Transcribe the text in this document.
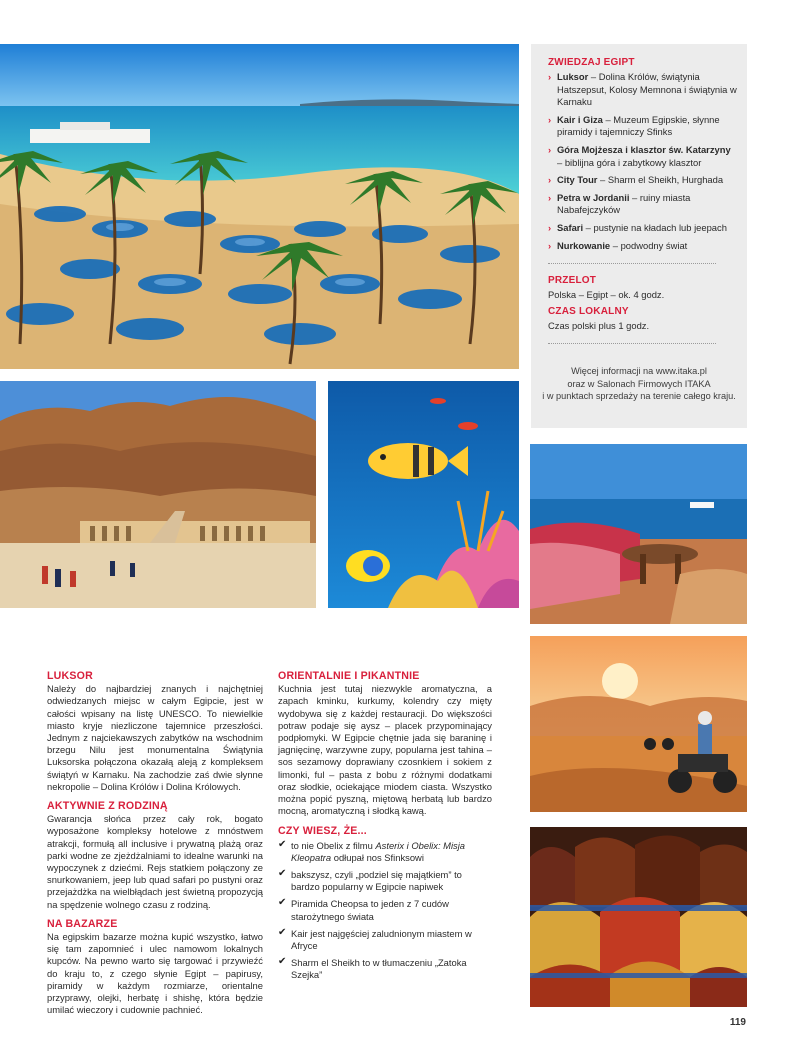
ZWIEDZAJ EGIPT
› Luksor – Dolina Królów, świątynia Hatszepsut, Kolosy Memnona i świątynia w Karnaku
› Kair i Giza – Muzeum Egipskie, słynne piramidy i tajemniczy Sfinks
› Góra Mojżesza i klasztor św. Katarzyny – biblijna góra i zabytkowy klasztor
› City Tour – Sharm el Sheikh, Hurghada
› Petra w Jordanii – ruiny miasta Nabafejczyków
› Safari – pustynie na kładach lub jeepach
› Nurkowanie – podwodny świat
PRZELOT

Polska – Egipt – ok. 4 godz.

CZAS LOKALNY

Czas polski plus 1 godz.

Więcej informacji na www.itaka.pl
oraz w Salonach Firmowych ITAKA
i w punktach sprzedaży na terenie całego kraju.
LUKSOR

Należy do najbardziej znanych i najchętniej odwiedzanych miejsc w całym Egipcie, jest w całości wpisany na listę UNESCO. To niewielkie miasto kryje niezliczone tajemnice przeszłości. Jednym z najciekawszych zabytków na wschodnim brzegu Nilu jest monumentalna Świątynia Luksorska połączona okazałą aleją z kompleksem świątyń w Karnaku. Na zachodzie zaś dwie słynne nekropolie – Dolina Królów i Dolina Królowych.

AKTYWNIE Z RODZINĄ

Gwarancja słońca przez cały rok, bogato wyposażone kompleksy hotelowe z mnóstwem atrakcji, formułą all inclusive i prywatną plażą oraz parki wodne ze zjeżdżalniami to idealne warunki na wypoczynek z dziećmi. Rejs statkiem połączony ze snurkowaniem, jeep lub quad safari po pustyni oraz przejażdżka na wielbłądach jest świetną propozycją na spędzenie wolnego czasu z rodziną.

NA BAZARZE

Na egipskim bazarze można kupić wszystko, łatwo się tam zapomnieć i ulec namowom lokalnych kupców. Na pewno warto się targować i przywieźć do kraju to, z czego słynie Egipt – papirusy, piramidy w każdym rozmiarze, orientalne przyprawy, olejki, herbatę i shishę, która będzie umilać wieczory i cudownie pachnieć.

ORIENTALNIE I PIKANTNIE

Kuchnia jest tutaj niezwykle aromatyczna, a zapach kminku, kurkumy, kolendry czy mięty wydobywa się z każdej restauracji. Do większości potraw podaje się aysz – placek przypominający podpłomyki. W Egipcie chętnie jada się baraninę i jagnięcinę, warzywne zupy, popularna jest tahina – sos sezamowy doprawiany czosnkiem i sokiem z limonki, ful – pasta z bobu z różnymi dodatkami oraz słodkie, ociekające miodem ciasta. Wszystko można popić pyszną, miętową herbatą lub bardzo mocną, aromatyczną i słodką kawą.

CZY WIESZ, ŻE...
✔ to nie Obelix z filmu Asterix i Obelix: Misja Kleopatra odłupał nos Sfinksowi
✔ bakszysz, czyli „podziel się majątkiem” to bardzo popularny w Egipcie napiwek
✔ Piramida Cheopsa to jeden z 7 cudów starożytnego świata
✔ Kair jest najgęściej zaludnionym miastem w Afryce
✔ Sharm el Sheikh to w tłumaczeniu „Zatoka Szejka”
119
